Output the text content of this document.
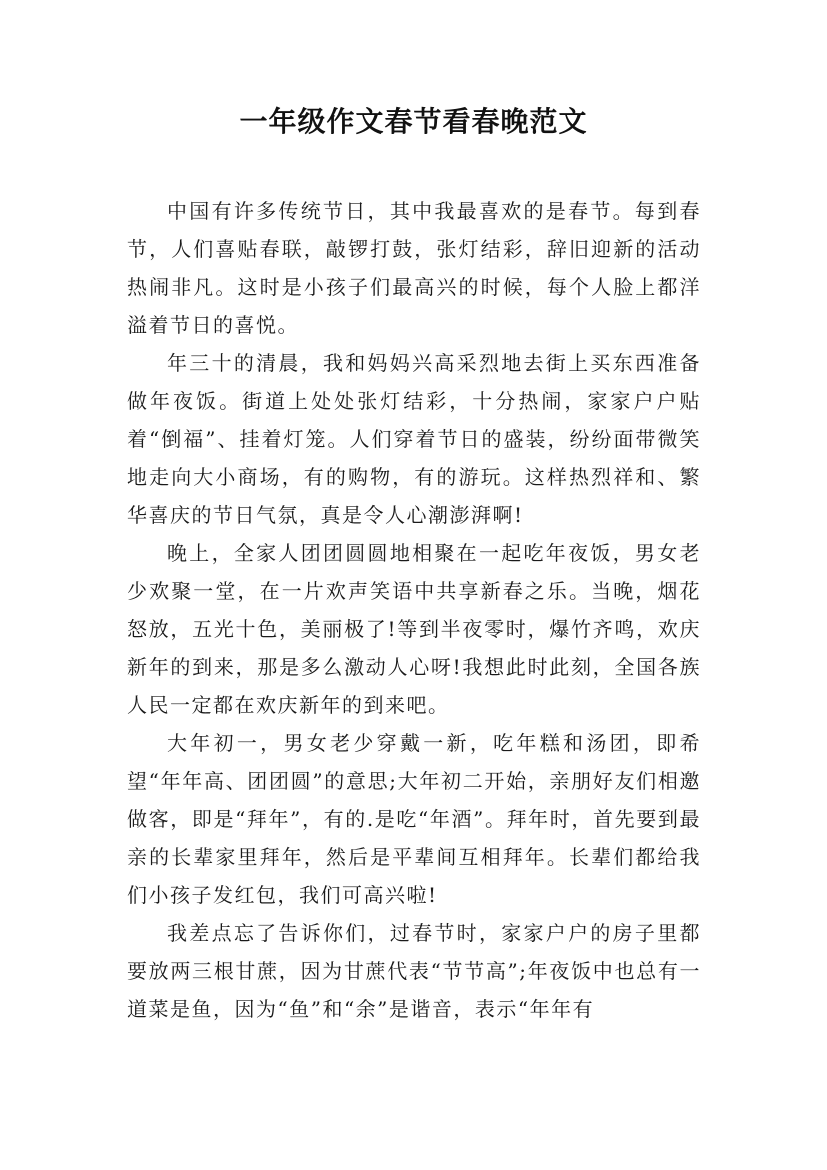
一年级作文春节看春晚范文

中国有许多传统节日，其中我最喜欢的是春节。每到春节，人们喜贴春联，敲锣打鼓，张灯结彩，辞旧迎新的活动热闹非凡。这时是小孩子们最高兴的时候，每个人脸上都洋溢着节日的喜悦。

年三十的清晨，我和妈妈兴高采烈地去街上买东西准备做年夜饭。街道上处处张灯结彩，十分热闹，家家户户贴着“倒福”、挂着灯笼。人们穿着节日的盛装，纷纷面带微笑地走向大小商场，有的购物，有的游玩。这样热烈祥和、繁华喜庆的节日气氛，真是令人心潮澎湃啊!

晚上，全家人团团圆圆地相聚在一起吃年夜饭，男女老少欢聚一堂，在一片欢声笑语中共享新春之乐。当晚，烟花怒放，五光十色，美丽极了!等到半夜零时，爆竹齐鸣，欢庆新年的到来，那是多么激动人心呀!我想此时此刻，全国各族人民一定都在欢庆新年的到来吧。

大年初一，男女老少穿戴一新，吃年糕和汤团，即希望“年年高、团团圆”的意思;大年初二开始，亲朋好友们相邀做客，即是“拜年”，有的.是吃“年酒”。拜年时，首先要到最亲的长辈家里拜年，然后是平辈间互相拜年。长辈们都给我们小孩子发红包，我们可高兴啦!

我差点忘了告诉你们，过春节时，家家户户的房子里都要放两三根甘蔗，因为甘蔗代表“节节高”;年夜饭中也总有一道菜是鱼，因为“鱼”和“余”是谐音，表示“年年有
